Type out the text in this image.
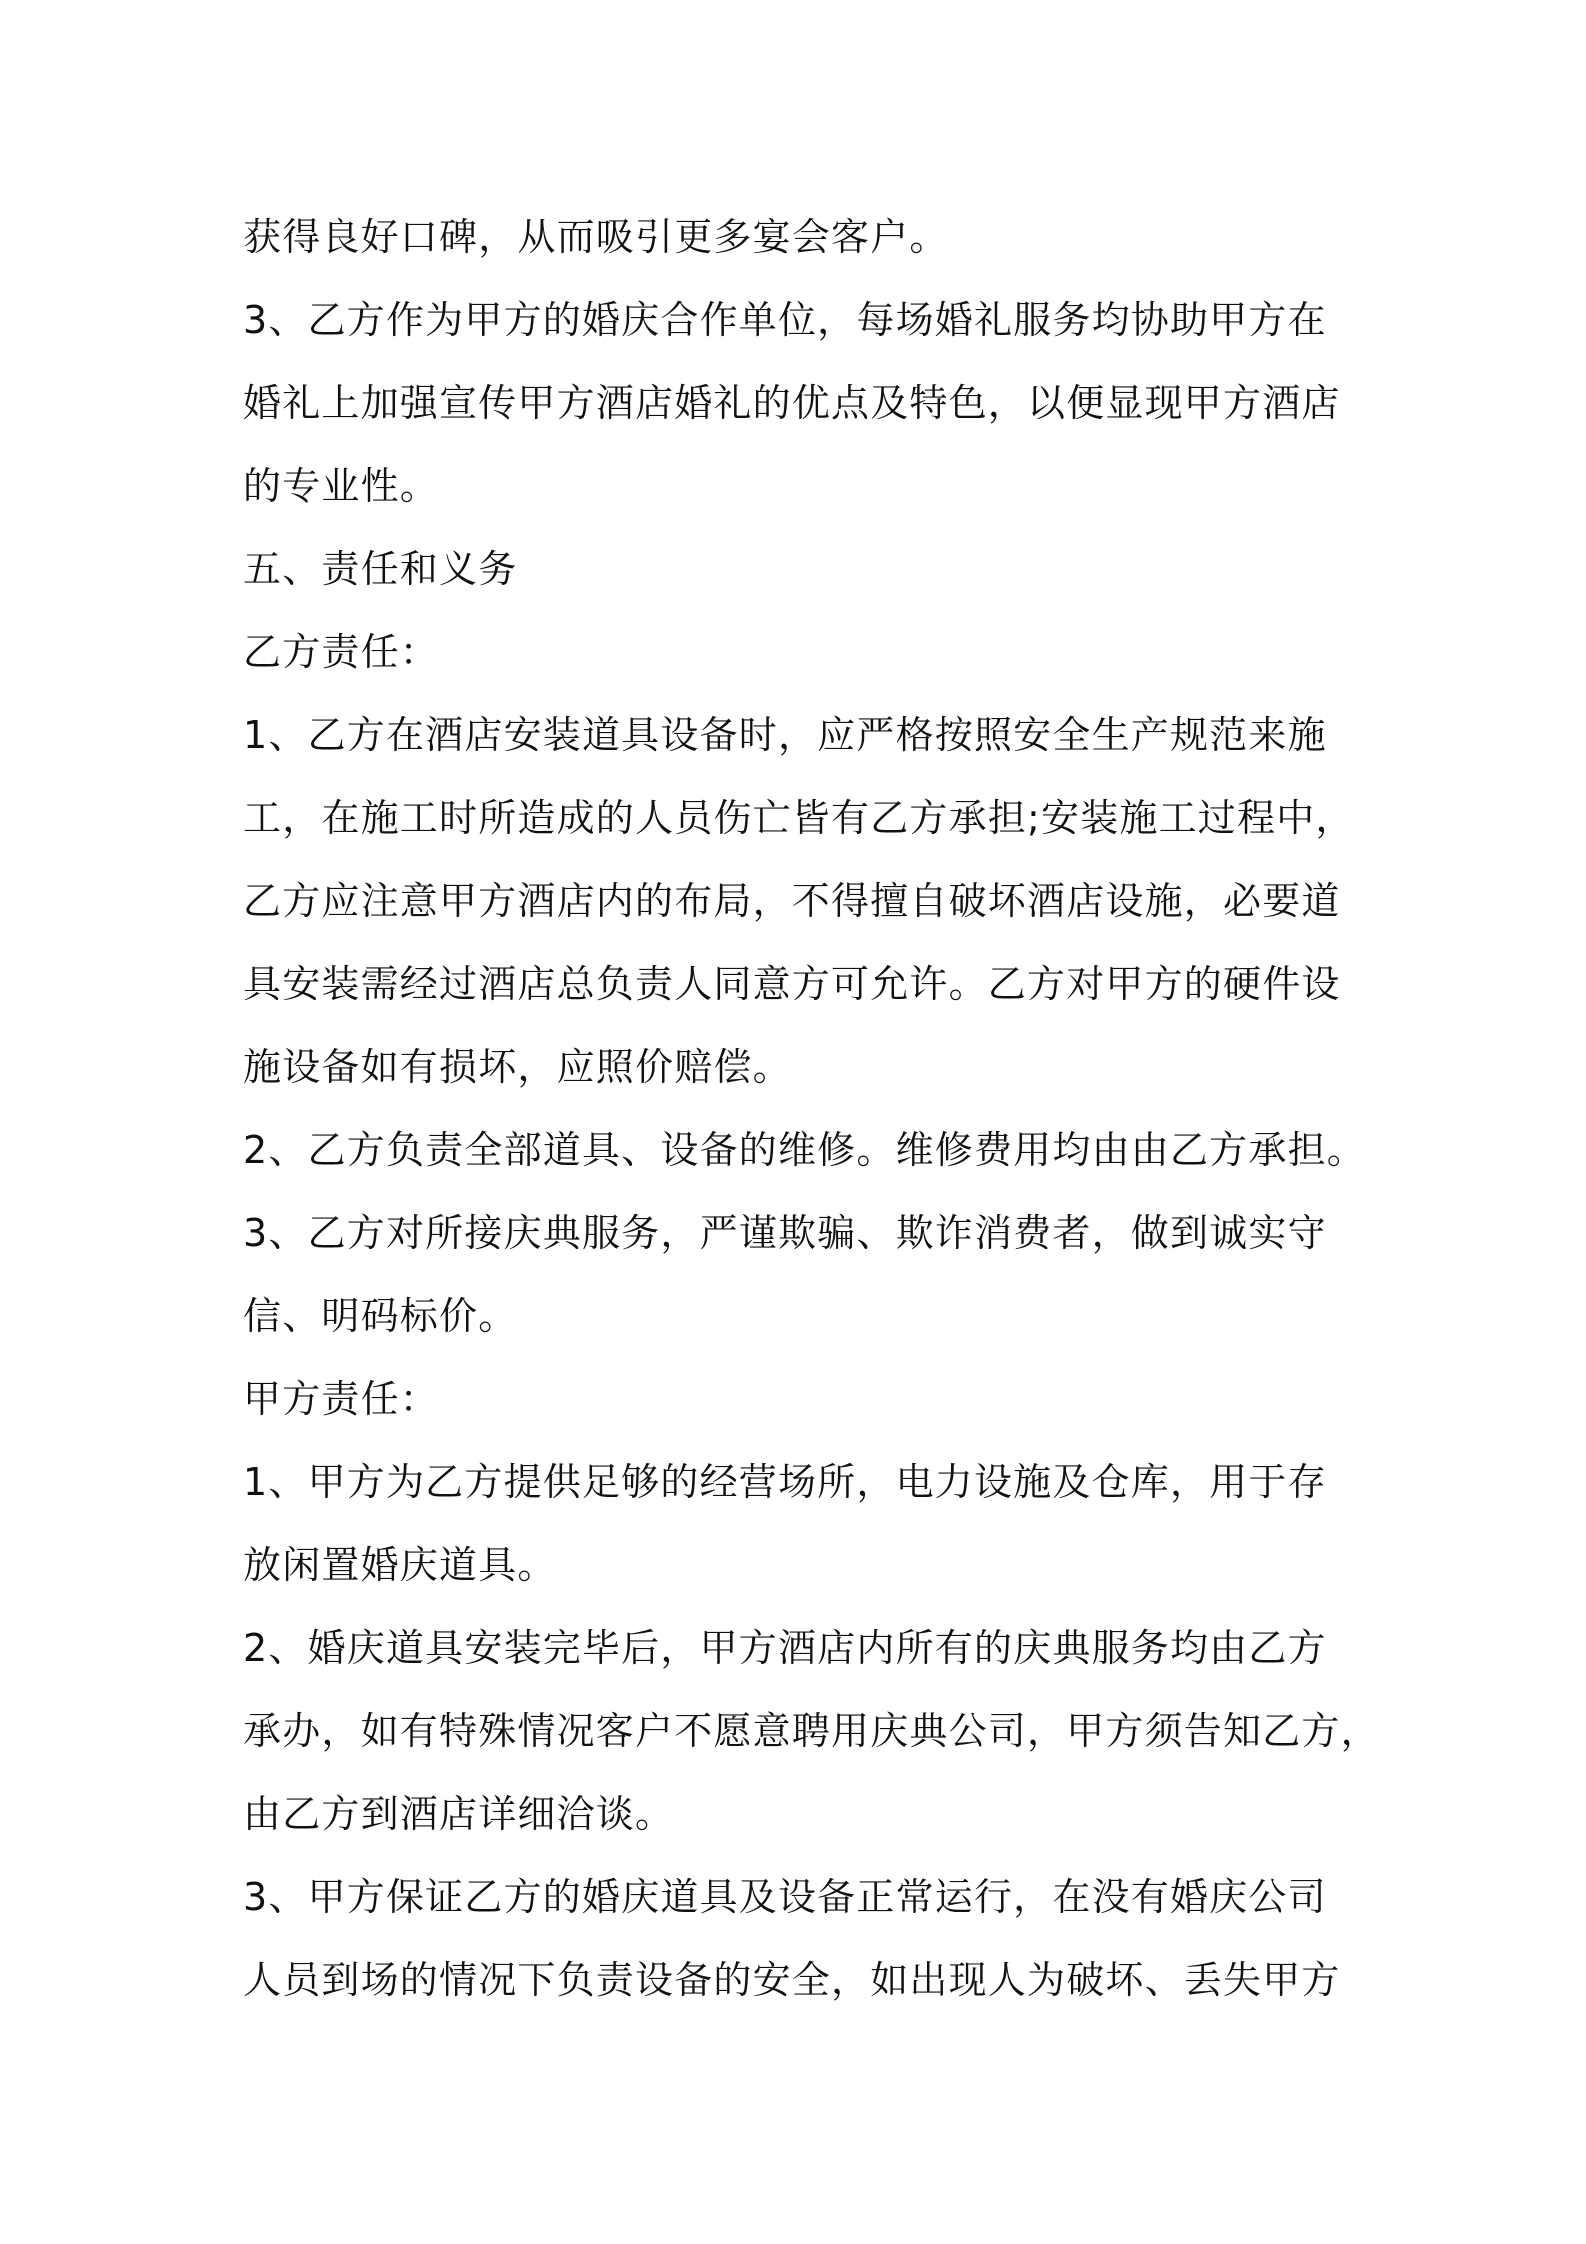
获得良好口碑，从而吸引更多宴会客户。
3、乙方作为甲方的婚庆合作单位，每场婚礼服务均协助甲方在
婚礼上加强宣传甲方酒店婚礼的优点及特色，以便显现甲方酒店
的专业性。
五、责任和义务
乙方责任：
1、乙方在酒店安装道具设备时，应严格按照安全生产规范来施
工，在施工时所造成的人员伤亡皆有乙方承担;安装施工过程中，
乙方应注意甲方酒店内的布局，不得擅自破坏酒店设施，必要道
具安装需经过酒店总负责人同意方可允许。乙方对甲方的硬件设
施设备如有损坏，应照价赔偿。
2、乙方负责全部道具、设备的维修。维修费用均由由乙方承担。
3、乙方对所接庆典服务，严谨欺骗、欺诈消费者，做到诚实守
信、明码标价。
甲方责任：
1、甲方为乙方提供足够的经营场所，电力设施及仓库，用于存
放闲置婚庆道具。
2、婚庆道具安装完毕后，甲方酒店内所有的庆典服务均由乙方
承办，如有特殊情况客户不愿意聘用庆典公司，甲方须告知乙方，
由乙方到酒店详细洽谈。
3、甲方保证乙方的婚庆道具及设备正常运行，在没有婚庆公司
人员到场的情况下负责设备的安全，如出现人为破坏、丢失甲方
